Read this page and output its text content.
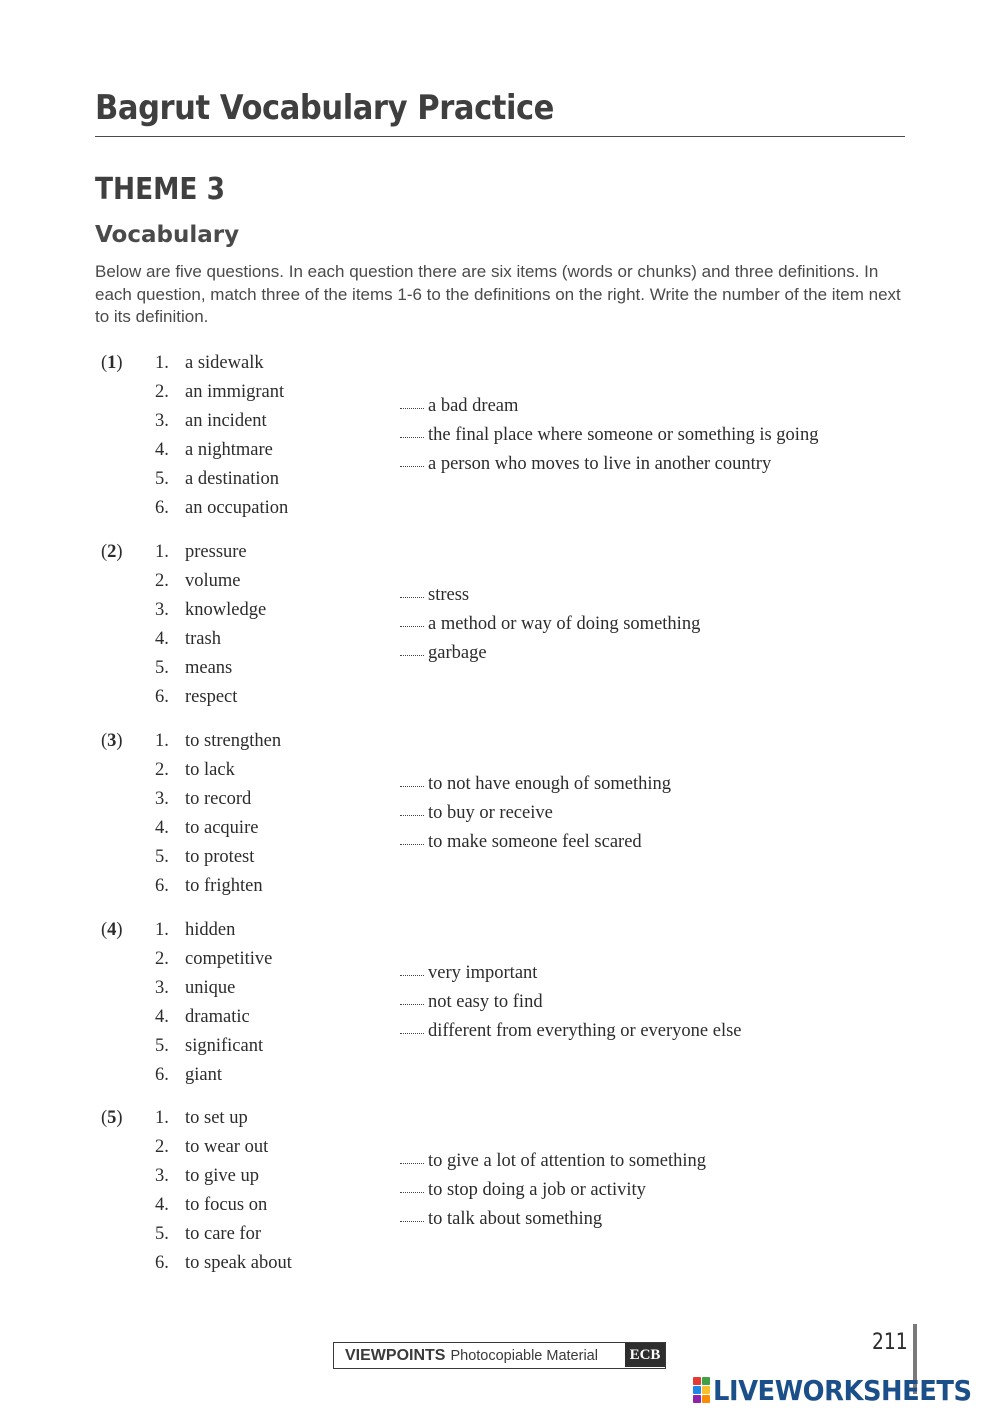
Bagrut Vocabulary Practice
THEME 3
Vocabulary
Below are five questions. In each question there are six items (words or chunks) and three definitions. In each question, match three of the items 1-6 to the definitions on the right. Write the number of the item next to its definition.
(1)	1. a sidewalk
2. an immigrant
3. an incident
4. a nightmare
5. a destination
6. an occupation
a bad dream
the final place where someone or something is going
a person who moves to live in another country
(2)	1. pressure
2. volume
3. knowledge
4. trash
5. means
6. respect
stress
a method or way of doing something
garbage
(3)	1. to strengthen
2. to lack
3. to record
4. to acquire
5. to protest
6. to frighten
to not have enough of something
to buy or receive
to make someone feel scared
(4)	1. hidden
2. competitive
3. unique
4. dramatic
5. significant
6. giant
very important
not easy to find
different from everything or everyone else
(5)	1. to set up
2. to wear out
3. to give up
4. to focus on
5. to care for
6. to speak about
to give a lot of attention to something
to stop doing a job or activity
to talk about something
VIEWPOINTS Photocopiable Material	ECB	211
LIVEWORKSHEETS
